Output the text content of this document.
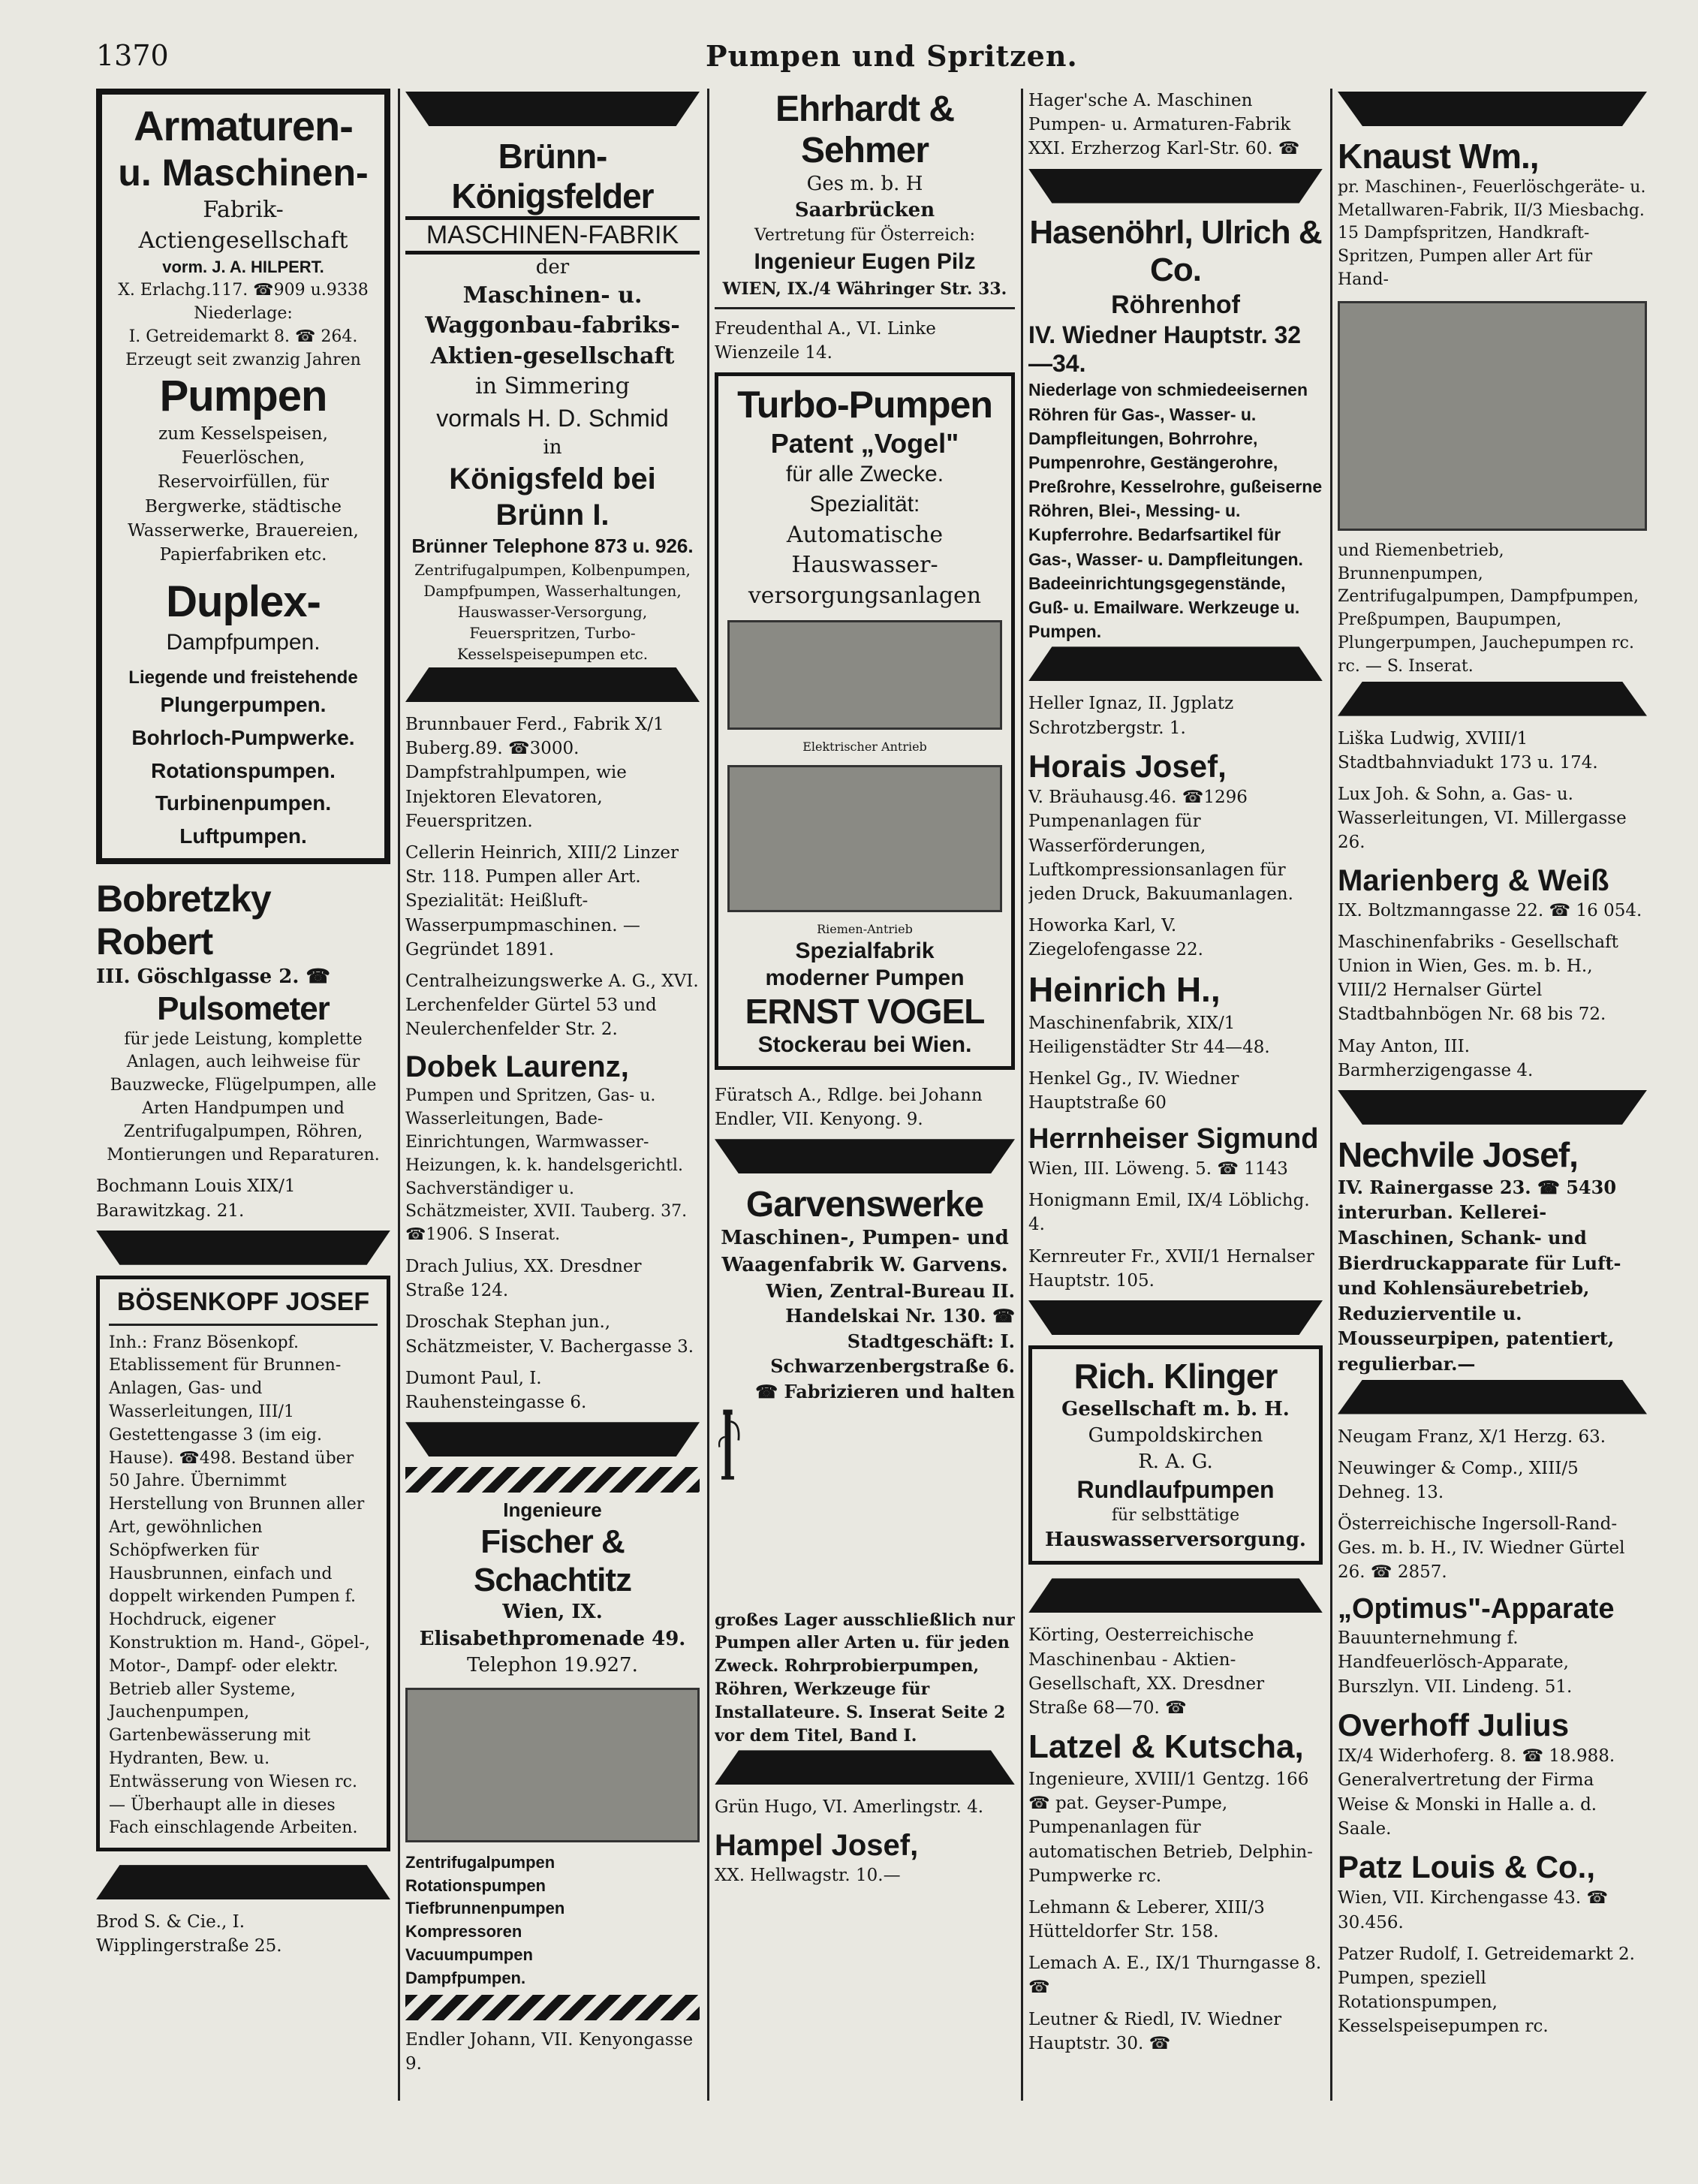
1370	Pumpen und Spritzen.
Armaturen-
u. Maschinen-
Fabrik-Actiengesellschaft
vorm. J. A. HILPERT.
X. Erlachg.117. ☎909 u.9338
Niederlage:
I. Getreidemarkt 8. ☎ 264.
Erzeugt seit zwanzig Jahren
Pumpen
zum Kesselspeisen, Feuerlöschen, Reservoirfüllen, für Bergwerke, städtische Wasserwerke, Brauereien, Papierfabriken etc.
Duplex-
Dampfpumpen.
Liegende und freistehende
Plungerpumpen.
Bohrloch-Pumpwerke.
Rotationspumpen.
Turbinenpumpen.
Luftpumpen.
Bobretzky Robert
III. Göschlgasse 2. ☎
Pulsometer
für jede Leistung, komplette Anlagen, auch leihweise für Bauzwecke, Flügelpumpen, alle Arten Handpumpen und Zentrifugalpumpen, Röhren, Montierungen und Reparaturen.
Bochmann Louis XIX/1 Barawitzkag. 21.
BÖSENKOPF JOSEF
Inh.: Franz Bösenkopf. Etablissement für Brunnen-Anlagen, Gas- und Wasserleitungen, III/1 Gestettengasse 3 (im eig. Hause). ☎498. Bestand über 50 Jahre. Übernimmt Herstellung von Brunnen aller Art, gewöhnlichen Schöpfwerken für Hausbrunnen, einfach und doppelt wirkenden Pumpen f. Hochdruck, eigener Konstruktion m. Hand-, Göpel-, Motor-, Dampf- oder elektr. Betrieb aller Systeme, Jauchenpumpen, Gartenbewässerung mit Hydranten, Bew. u. Entwässerung von Wiesen rc. — Überhaupt alle in dieses Fach einschlagende Arbeiten.
Brod S. & Cie., I. Wipplingerstraße 25.
Brünn-Königsfelder
MASCHINEN-FABRIK
der
Maschinen- u. Waggonbau-fabriks-Aktien-gesellschaft
in Simmering
vormals H. D. Schmid
in
Königsfeld bei Brünn I.
Brünner Telephone 873 u. 926.
Zentrifugalpumpen, Kolbenpumpen, Dampfpumpen, Wasserhaltungen, Hauswasser-Versorgung, Feuerspritzen, Turbo-Kesselspeisepumpen etc.
Brunnbauer Ferd., Fabrik X/1 Buberg.89. ☎3000. Dampfstrahlpumpen, wie Injektoren Elevatoren, Feuerspritzen.
Cellerin Heinrich, XIII/2 Linzer Str. 118. Pumpen aller Art. Spezialität: Heißluft-Wasserpumpmaschinen. — Gegründet 1891.
Centralheizungswerke A. G., XVI. Lerchenfelder Gürtel 53 und Neulerchenfelder Str. 2.
Dobek Laurenz,
Pumpen und Spritzen, Gas- u. Wasserleitungen, Bade-Einrichtungen, Warmwasser-Heizungen, k. k. handelsgerichtl. Sachverständiger u. Schätzmeister, XVII. Tauberg. 37. ☎1906. S Inserat.
Drach Julius, XX. Dresdner Straße 124.
Droschak Stephan jun., Schätzmeister, V. Bachergasse 3.
Dumont Paul, I. Rauhensteingasse 6.
Ingenieure
Fischer & Schachtitz
Wien, IX. Elisabethpromenade 49.
Telephon 19.927.
Zentrifugalpumpen
Rotationspumpen
Tiefbrunnenpumpen
Kompressoren
Vacuumpumpen
Dampfpumpen.
Endler Johann, VII. Kenyongasse 9.
Ehrhardt & Sehmer
Ges m. b. H
Saarbrücken
Vertretung für Österreich:
Ingenieur Eugen Pilz
WIEN, IX./4 Währinger Str. 33.
Freudenthal A., VI. Linke Wienzeile 14.
Turbo-Pumpen
Patent „Vogel"
für alle Zwecke.
Spezialität:
Automatische Hauswasser-versorgungsanlagen
Elektrischer Antrieb
Riemen-Antrieb
Spezialfabrik
moderner Pumpen
ERNST VOGEL
Stockerau bei Wien.
Füratsch A., Rdlge. bei Johann Endler, VII. Kenyong. 9.
Garvenswerke
Maschinen-, Pumpen- und Waagenfabrik W. Garvens.
Wien, Zentral-Bureau II. Handelskai Nr. 130. ☎ Stadtgeschäft: I. Schwarzenbergstraße 6. ☎ Fabrizieren und halten
großes Lager ausschließlich nur Pumpen aller Arten u. für jeden Zweck. Rohrprobierpumpen, Röhren, Werkzeuge für Installateure. S. Inserat Seite 2 vor dem Titel, Band I.
Grün Hugo, VI. Amerlingstr. 4.
Hampel Josef,
XX. Hellwagstr. 10.—
Hager'sche A. Maschinen Pumpen- u. Armaturen-Fabrik XXI. Erzherzog Karl-Str. 60. ☎
Hasenöhrl, Ulrich & Co.
Röhrenhof
IV. Wiedner Hauptstr. 32—34.
Niederlage von schmiedeeisernen Röhren für Gas-, Wasser- u. Dampfleitungen, Bohrrohre, Pumpenrohre, Gestängerohre, Preßrohre, Kesselrohre, gußeiserne Röhren, Blei-, Messing- u. Kupferrohre. Bedarfsartikel für Gas-, Wasser- u. Dampfleitungen. Badeeinrichtungsgegenstände, Guß- u. Emailware. Werkzeuge u. Pumpen.
Heller Ignaz, II. Jgplatz Schrotzbergstr. 1.
Horais Josef,
V. Bräuhausg.46. ☎1296 Pumpenanlagen für Wasserförderungen, Luftkompressionsanlagen für jeden Druck, Bakuumanlagen.
Howorka Karl, V. Ziegelofengasse 22.
Heinrich H.,
Maschinenfabrik, XIX/1 Heiligenstädter Str 44—48.
Henkel Gg., IV. Wiedner Hauptstraße 60
Herrnheiser Sigmund
Wien, III. Löweng. 5. ☎ 1143
Honigmann Emil, IX/4 Löblichg. 4.
Kernreuter Fr., XVII/1 Hernalser Hauptstr. 105.
Rich. Klinger
Gesellschaft m. b. H.
Gumpoldskirchen
R. A. G.
Rundlaufpumpen
für selbsttätige
Hauswasserversorgung.
Körting, Oesterreichische Maschinenbau - Aktien-Gesellschaft, XX. Dresdner Straße 68—70. ☎
Latzel & Kutscha,
Ingenieure, XVIII/1 Gentzg. 166 ☎ pat. Geyser-Pumpe, Pumpenanlagen für automatischen Betrieb, Delphin-Pumpwerke rc.
Lehmann & Leberer, XIII/3 Hütteldorfer Str. 158.
Lemach A. E., IX/1 Thurngasse 8. ☎
Leutner & Riedl, IV. Wiedner Hauptstr. 30. ☎
Knaust Wm.,
pr. Maschinen-, Feuerlöschgeräte- u. Metallwaren-Fabrik, II/3 Miesbachg. 15 Dampfspritzen, Handkraft-Spritzen, Pumpen aller Art für Hand-
und Riemenbetrieb, Brunnenpumpen, Zentrifugalpumpen, Dampfpumpen, Preßpumpen, Baupumpen, Plungerpumpen, Jauchepumpen rc. rc. — S. Inserat.
Liška Ludwig, XVIII/1 Stadtbahnviadukt 173 u. 174.
Lux Joh. & Sohn, a. Gas- u. Wasserleitungen, VI. Millergasse 26.
Marienberg & Weiß
IX. Boltzmanngasse 22. ☎ 16 054.
Maschinenfabriks - Gesellschaft Union in Wien, Ges. m. b. H., VIII/2 Hernalser Gürtel Stadtbahnbögen Nr. 68 bis 72.
May Anton, III. Barmherzigengasse 4.
Nechvile Josef,
IV. Rainergasse 23. ☎ 5430 interurban. Kellerei-Maschinen, Schank- und Bierdruckapparate für Luft- und Kohlensäurebetrieb, Reduzierventile u. Mousseurpipen, patentiert, regulierbar.—
Neugam Franz, X/1 Herzg. 63.
Neuwinger & Comp., XIII/5 Dehneg. 13.
Österreichische Ingersoll-Rand-Ges. m. b. H., IV. Wiedner Gürtel 26. ☎ 2857.
„Optimus"-Apparate
Bauunternehmung f. Handfeuerlösch-Apparate, Burszlyn. VII. Lindeng. 51.
Overhoff Julius
IX/4 Widerhoferg. 8. ☎ 18.988. Generalvertretung der Firma Weise & Monski in Halle a. d. Saale.
Patz Louis & Co.,
Wien, VII. Kirchengasse 43. ☎ 30.456.
Patzer Rudolf, I. Getreidemarkt 2. Pumpen, speziell Rotationspumpen, Kesselspeisepumpen rc.
